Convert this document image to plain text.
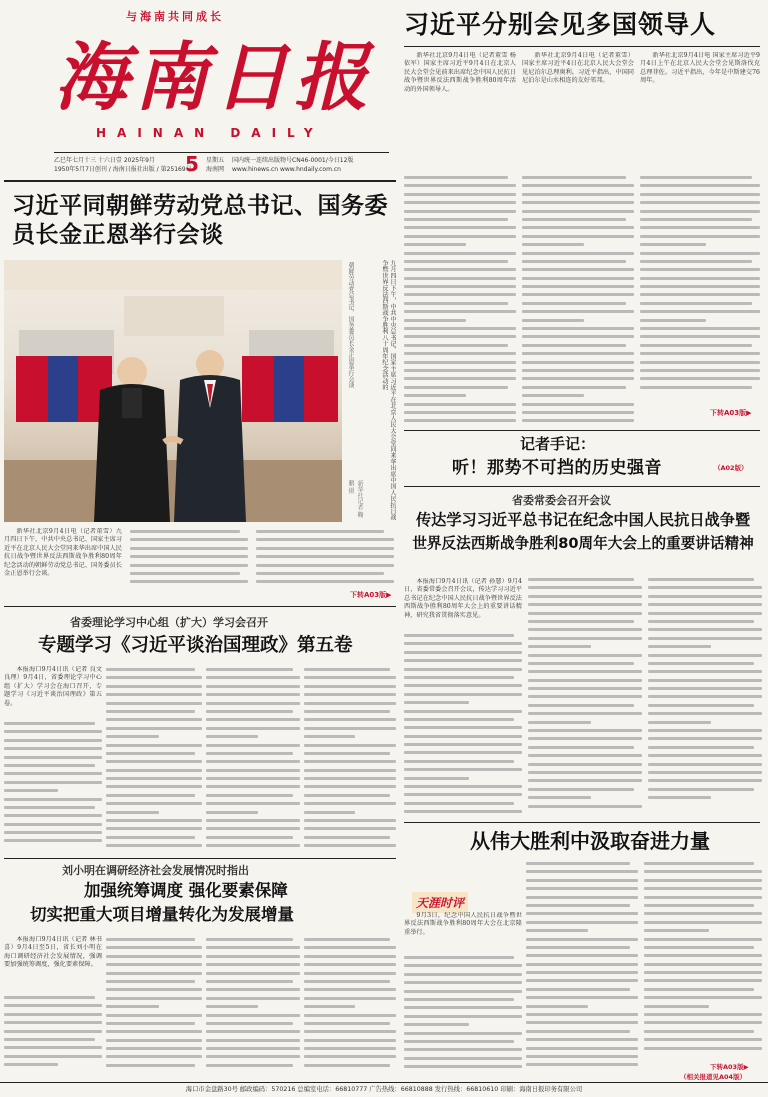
与海南共同成长
海南日报
HAINAN DAILY
乙巳年七月十三 十六日壹 2025年9月
1950年5月7日创刊 / 海南日报社出版 / 第25169号
5 星期五 国内统一连续出版物号CN46-0001/今日12版
海南网 www.hinews.cn www.hndaily.com.cn
习近平分别会见多国领导人
新华社北京9月4日电（记者董雪 杨依军）国家主席习近平9月4日在北京人民大会堂会见前来出席纪念中国人民抗日战争暨世界反法西斯战争胜利80周年活动的外国领导人。
新华社北京9月4日电（记者董雪）国家主席习近平4日在北京人民大会堂会见尼泊尔总理奥利。习近平指出，中国同尼泊尔是山水相连的友好邻邦。
新华社北京9月4日电 国家主席习近平9月4日上午在北京人民大会堂会见斯洛伐克总理菲佐。习近平指出，今年是中斯建交76周年。
下转A03版▶
习近平同朝鲜劳动党总书记、国务委员长金正恩举行会谈
九月四日下午，中共中央总书记、国家主席习近平在北京人民大会堂同来华出席中国人民抗日战争暨世界反法西斯战争胜利八十周年纪念活动的
朝鲜劳动党总书记、国务委员长金正恩举行会谈
新华社记者 鞠鹏 摄
新华社北京9月4日电（记者董雪）九月四日下午，中共中央总书记、国家主席习近平在北京人民大会堂同来华出席中国人民抗日战争暨世界反法西斯战争胜利80周年纪念活动的朝鲜劳动党总书记、国务委员长金正恩举行会谈。
下转A03版▶
记者手记：
听！那势不可挡的历史强音	（A02版）
省委常委会召开会议
传达学习习近平总书记在纪念中国人民抗日战争暨
世界反法西斯战争胜利80周年大会上的重要讲话精神
本报海口9月4日讯（记者 孙慧）9月4日，省委常委会召开会议，传达学习习近平总书记在纪念中国人民抗日战争暨世界反法西斯战争胜利80周年大会上的重要讲话精神，研究我省贯彻落实意见。
省委理论学习中心组（扩大）学习会召开
专题学习《习近平谈治国理政》第五卷
本报海口9月4日讯（记者 良文 良理）9月4日，省委理论学习中心组（扩大）学习会在海口召开，专题学习《习近平谈治国理政》第五卷。
从伟大胜利中汲取奋进力量
天涯时评
9月3日，纪念中国人民抗日战争暨世界反法西斯战争胜利80周年大会在北京隆重举行。
下转A03版▶
（相关报道见A04版）
刘小明在调研经济社会发展情况时指出
加强统筹调度 强化要素保障
切实把重大项目增量转化为发展增量
本报海口9月4日讯（记者 林书喜）9月4日至5日，省长刘小明在海口调研经济社会发展情况，强调要加强统筹调度，强化要素保障。
海口市金盘路30号 邮政编码：570216 总编室电话：66810777 广告热线：66810888 发行热线：66810610 印刷：海南日报印务有限公司
